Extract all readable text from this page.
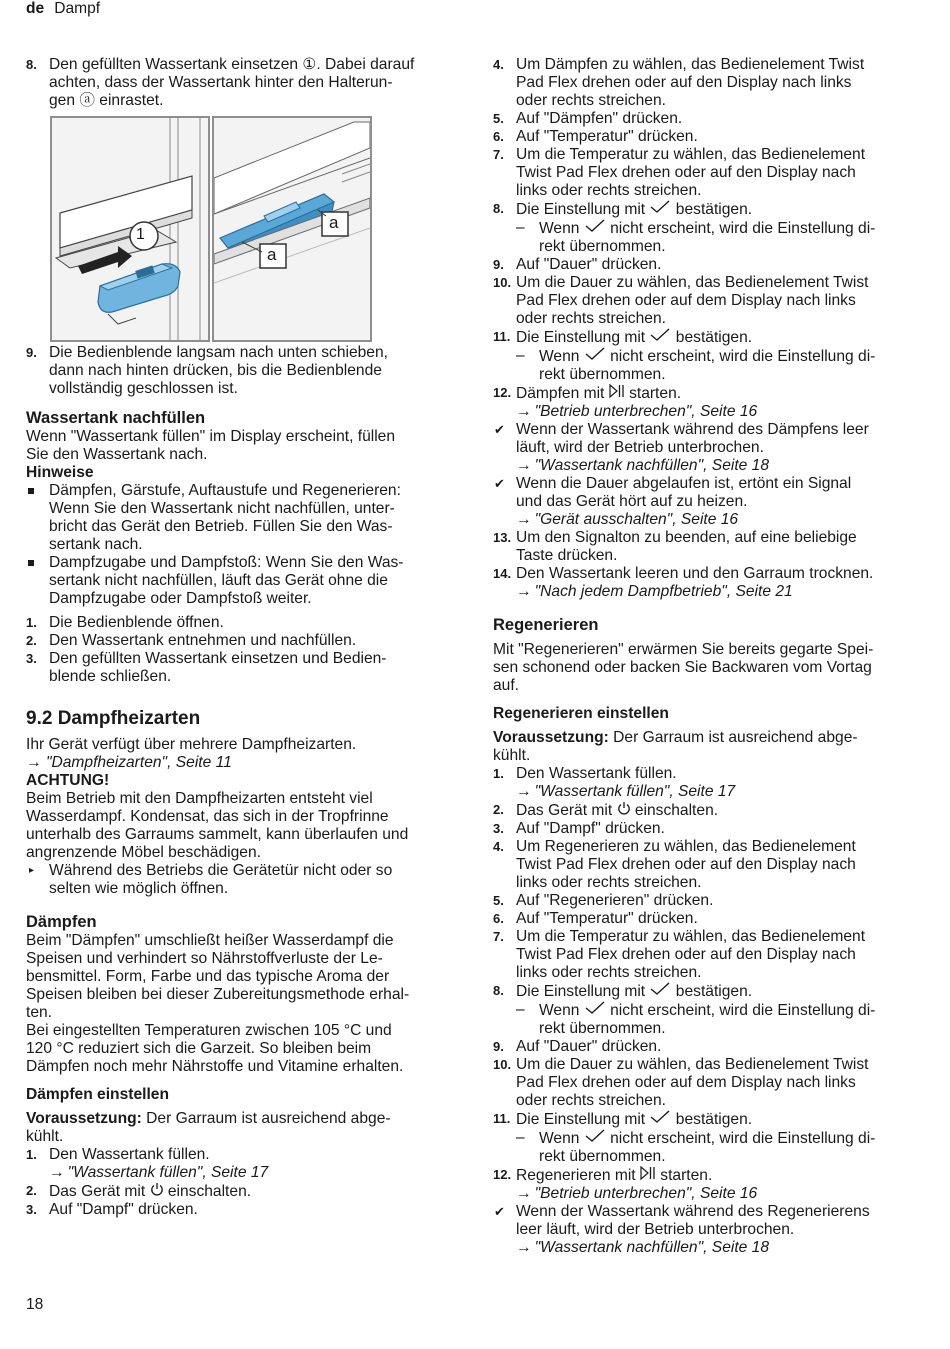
de Dampf
8. Den gefüllten Wassertank einsetzen ①. Dabei darauf
achten, dass der Wassertank hinter den Halterun-
gen ⓐ einrastet.
1
a
a
9. Die Bedienblende langsam nach unten schieben,
dann nach hinten drücken, bis die Bedienblende
vollständig geschlossen ist.
Wassertank nachfüllen
Wenn "Wassertank füllen" im Display erscheint, füllen
Sie den Wassertank nach.
Hinweise
Dämpfen, Gärstufe, Auftaustufe und Regenerieren:
Wenn Sie den Wassertank nicht nachfüllen, unter-
bricht das Gerät den Betrieb. Füllen Sie den Was-
sertank nach.
Dampfzugabe und Dampfstoß: Wenn Sie den Was-
sertank nicht nachfüllen, läuft das Gerät ohne die
Dampfzugabe oder Dampfstoß weiter.
1. Die Bedienblende öffnen.
2. Den Wassertank entnehmen und nachfüllen.
3. Den gefüllten Wassertank einsetzen und Bedien-
blende schließen.
9.2 Dampfheizarten
Ihr Gerät verfügt über mehrere Dampfheizarten.
→ "Dampfheizarten", Seite 11
ACHTUNG!
Beim Betrieb mit den Dampfheizarten entsteht viel
Wasserdampf. Kondensat, das sich in der Tropfrinne
unterhalb des Garraums sammelt, kann überlaufen und
angrenzende Möbel beschädigen.
▸ Während des Betriebs die Gerätetür nicht oder so
selten wie möglich öffnen.
Dämpfen
Beim "Dämpfen" umschließt heißer Wasserdampf die
Speisen und verhindert so Nährstoffverluste der Le-
bensmittel. Form, Farbe und das typische Aroma der
Speisen bleiben bei dieser Zubereitungsmethode erhal-
ten.
Bei eingestellten Temperaturen zwischen 105 °C und
120 °C reduziert sich die Garzeit. So bleiben beim
Dämpfen noch mehr Nährstoffe und Vitamine erhalten.
Dämpfen einstellen
Voraussetzung: Der Garraum ist ausreichend abge-
kühlt.
1. Den Wassertank füllen.
→ "Wassertank füllen", Seite 17
2. Das Gerät mit  einschalten.
3. Auf "Dampf" drücken.
4. Um Dämpfen zu wählen, das Bedienelement Twist
Pad Flex drehen oder auf den Display nach links
oder rechts streichen.
5. Auf "Dämpfen" drücken.
6. Auf "Temperatur" drücken.
7. Um die Temperatur zu wählen, das Bedienelement
Twist Pad Flex drehen oder auf den Display nach
links oder rechts streichen.
8. Die Einstellung mit  bestätigen.
– Wenn  nicht erscheint, wird die Einstellung di-
rekt übernommen.
9. Auf "Dauer" drücken.
10. Um die Dauer zu wählen, das Bedienelement Twist
Pad Flex drehen oder auf dem Display nach links
oder rechts streichen.
11. Die Einstellung mit  bestätigen.
– Wenn  nicht erscheint, wird die Einstellung di-
rekt übernommen.
12. Dämpfen mit  starten.
→ "Betrieb unterbrechen", Seite 16
✔ Wenn der Wassertank während des Dämpfens leer
läuft, wird der Betrieb unterbrochen.
→ "Wassertank nachfüllen", Seite 18
✔ Wenn die Dauer abgelaufen ist, ertönt ein Signal
und das Gerät hört auf zu heizen.
→ "Gerät ausschalten", Seite 16
13. Um den Signalton zu beenden, auf eine beliebige
Taste drücken.
14. Den Wassertank leeren und den Garraum trocknen.
→ "Nach jedem Dampfbetrieb", Seite 21
Regenerieren
Mit "Regenerieren" erwärmen Sie bereits gegarte Spei-
sen schonend oder backen Sie Backwaren vom Vortag
auf.
Regenerieren einstellen
Voraussetzung: Der Garraum ist ausreichend abge-
kühlt.
1. Den Wassertank füllen.
→ "Wassertank füllen", Seite 17
2. Das Gerät mit  einschalten.
3. Auf "Dampf" drücken.
4. Um Regenerieren zu wählen, das Bedienelement
Twist Pad Flex drehen oder auf den Display nach
links oder rechts streichen.
5. Auf "Regenerieren" drücken.
6. Auf "Temperatur" drücken.
7. Um die Temperatur zu wählen, das Bedienelement
Twist Pad Flex drehen oder auf den Display nach
links oder rechts streichen.
8. Die Einstellung mit  bestätigen.
– Wenn  nicht erscheint, wird die Einstellung di-
rekt übernommen.
9. Auf "Dauer" drücken.
10. Um die Dauer zu wählen, das Bedienelement Twist
Pad Flex drehen oder auf dem Display nach links
oder rechts streichen.
11. Die Einstellung mit  bestätigen.
– Wenn  nicht erscheint, wird die Einstellung di-
rekt übernommen.
12. Regenerieren mit  starten.
→ "Betrieb unterbrechen", Seite 16
✔ Wenn der Wassertank während des Regenerierens
leer läuft, wird der Betrieb unterbrochen.
→ "Wassertank nachfüllen", Seite 18
18
